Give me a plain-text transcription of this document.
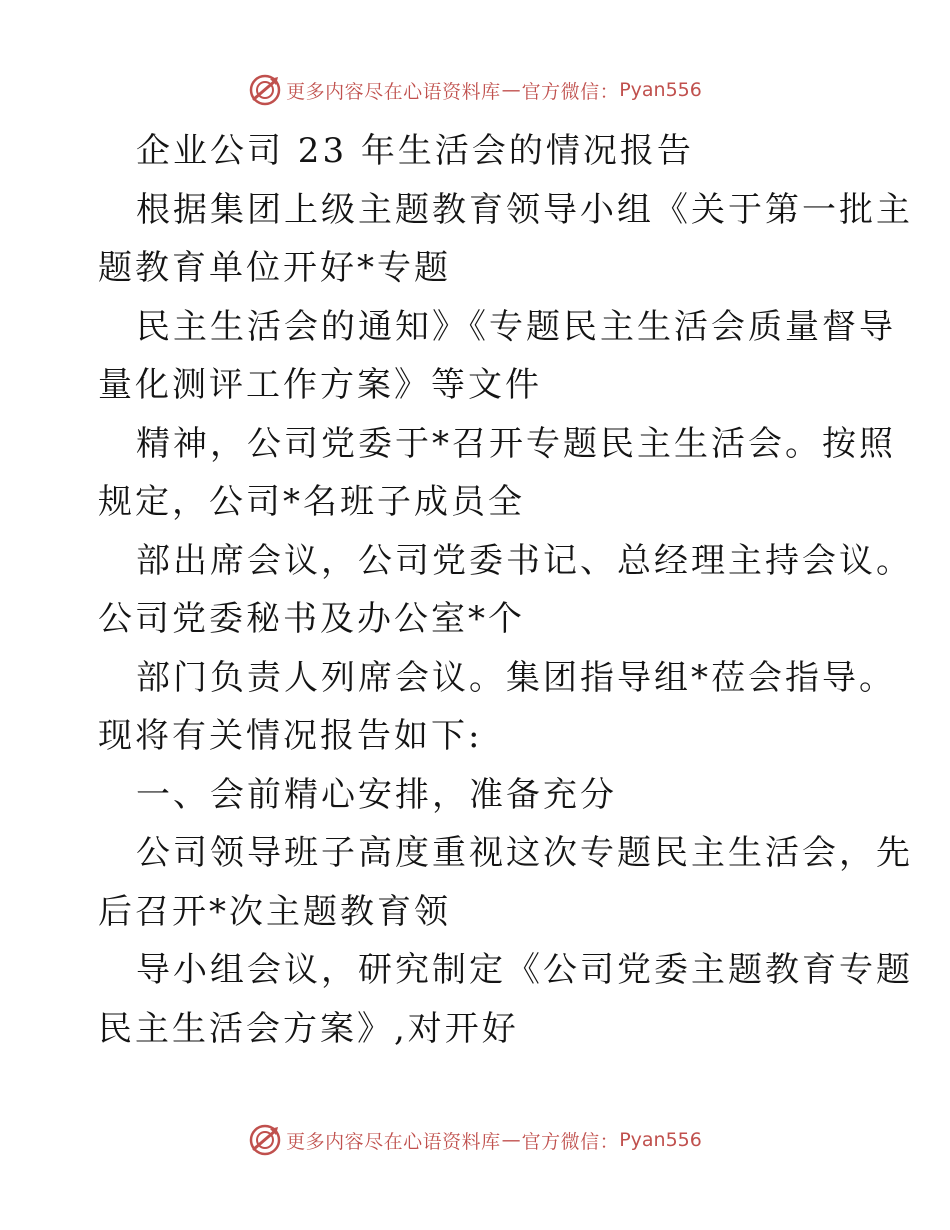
更多内容尽在心语资料库 — 官方微信： Pyan556
企业公司 23 年生活会的情况报告
根据集团上级主题教育领导小组《关于第一批主
题教育单位开好*专题
民主生活会的通知》《专题民主生活会质量督导
量化测评工作方案》等文件
精神，公司党委于*召开专题民主生活会。按照
规定，公司*名班子成员全
部出席会议，公司党委书记、总经理主持会议。
公司党委秘书及办公室*个
部门负责人列席会议。集团指导组*莅会指导。
现将有关情况报告如下:
一、会前精心安排，准备充分
公司领导班子高度重视这次专题民主生活会，先
后召开*次主题教育领
导小组会议，研究制定《公司党委主题教育专题
民主生活会方案》,对开好
更多内容尽在心语资料库 — 官方微信： Pyan556
